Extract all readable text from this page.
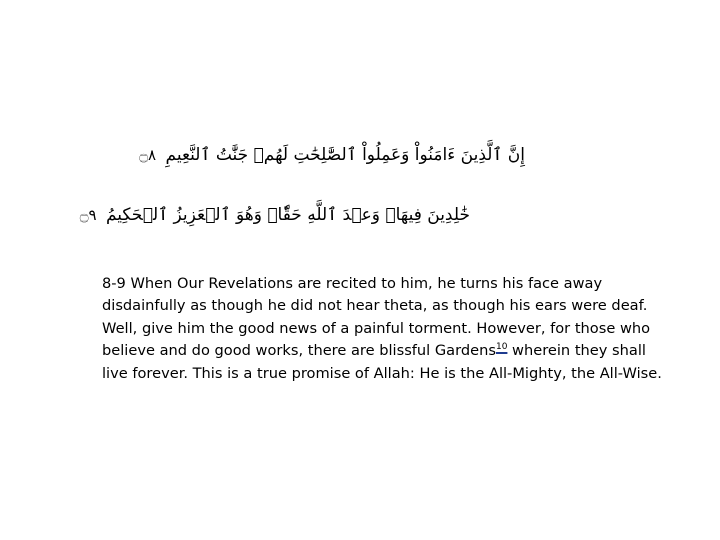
إِنَّ ٱلَّذِينَ ءَامَنُواْ وَعَمِلُواْ ٱلصَّٰلِحَٰتِ لَهُمۡ جَنَّٰتُ ٱلنَّعِيمِ ۝٨
خَٰلِدِينَ فِيهَاۖ وَعۡدَ ٱللَّهِ حَقّٗاۚ وَهُوَ ٱلۡعَزِيزُ ٱلۡحَكِيمُ ۝٩

8-9 When Our Revelations are recited to him, he turns his face away disdainfully as though he did not hear theta, as though his ears were deaf. Well, give him the good news of a painful torment. However, for those who believe and do good works, there are blissful Gardens$^{10}$ wherein they shall live forever. This is a true promise of Allah: He is the All-Mighty, the All-Wise.
